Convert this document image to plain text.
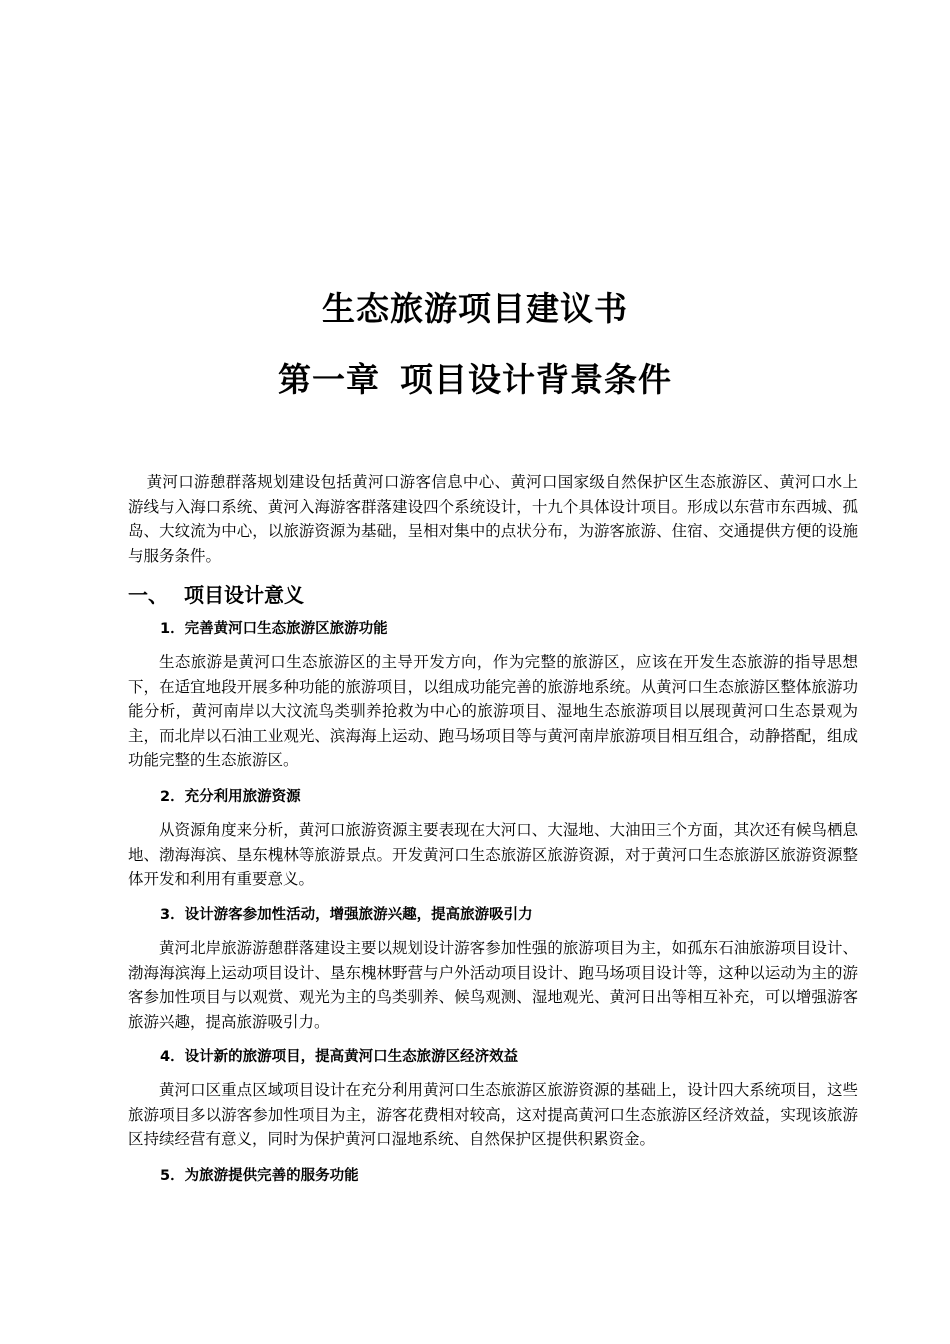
生态旅游项目建议书
第一章 项目设计背景条件

黄河口游憩群落规划建设包括黄河口游客信息中心、黄河口国家级自然保护区生态旅游区、黄河口水上游线与入海口系统、黄河入海游客群落建设四个系统设计，十九个具体设计项目。形成以东营市东西城、孤岛、大纹流为中心，以旅游资源为基础，呈相对集中的点状分布，为游客旅游、住宿、交通提供方便的设施与服务条件。

一、 项目设计意义
1．完善黄河口生态旅游区旅游功能

生态旅游是黄河口生态旅游区的主导开发方向，作为完整的旅游区，应该在开发生态旅游的指导思想下，在适宜地段开展多种功能的旅游项目，以组成功能完善的旅游地系统。从黄河口生态旅游区整体旅游功能分析，黄河南岸以大汶流鸟类驯养抢救为中心的旅游项目、湿地生态旅游项目以展现黄河口生态景观为主，而北岸以石油工业观光、滨海海上运动、跑马场项目等与黄河南岸旅游项目相互组合，动静搭配，组成功能完整的生态旅游区。

2．充分利用旅游资源

从资源角度来分析，黄河口旅游资源主要表现在大河口、大湿地、大油田三个方面，其次还有候鸟栖息地、渤海海滨、垦东槐林等旅游景点。开发黄河口生态旅游区旅游资源，对于黄河口生态旅游区旅游资源整体开发和利用有重要意义。

3．设计游客参加性活动，增强旅游兴趣，提高旅游吸引力

黄河北岸旅游游憩群落建设主要以规划设计游客参加性强的旅游项目为主，如孤东石油旅游项目设计、渤海海滨海上运动项目设计、垦东槐林野营与户外活动项目设计、跑马场项目设计等，这种以运动为主的游客参加性项目与以观赏、观光为主的鸟类驯养、候鸟观测、湿地观光、黄河日出等相互补充，可以增强游客旅游兴趣，提高旅游吸引力。

4．设计新的旅游项目，提高黄河口生态旅游区经济效益

黄河口区重点区域项目设计在充分利用黄河口生态旅游区旅游资源的基础上，设计四大系统项目，这些旅游项目多以游客参加性项目为主，游客花费相对较高，这对提高黄河口生态旅游区经济效益，实现该旅游区持续经营有意义，同时为保护黄河口湿地系统、自然保护区提供积累资金。

5．为旅游提供完善的服务功能
